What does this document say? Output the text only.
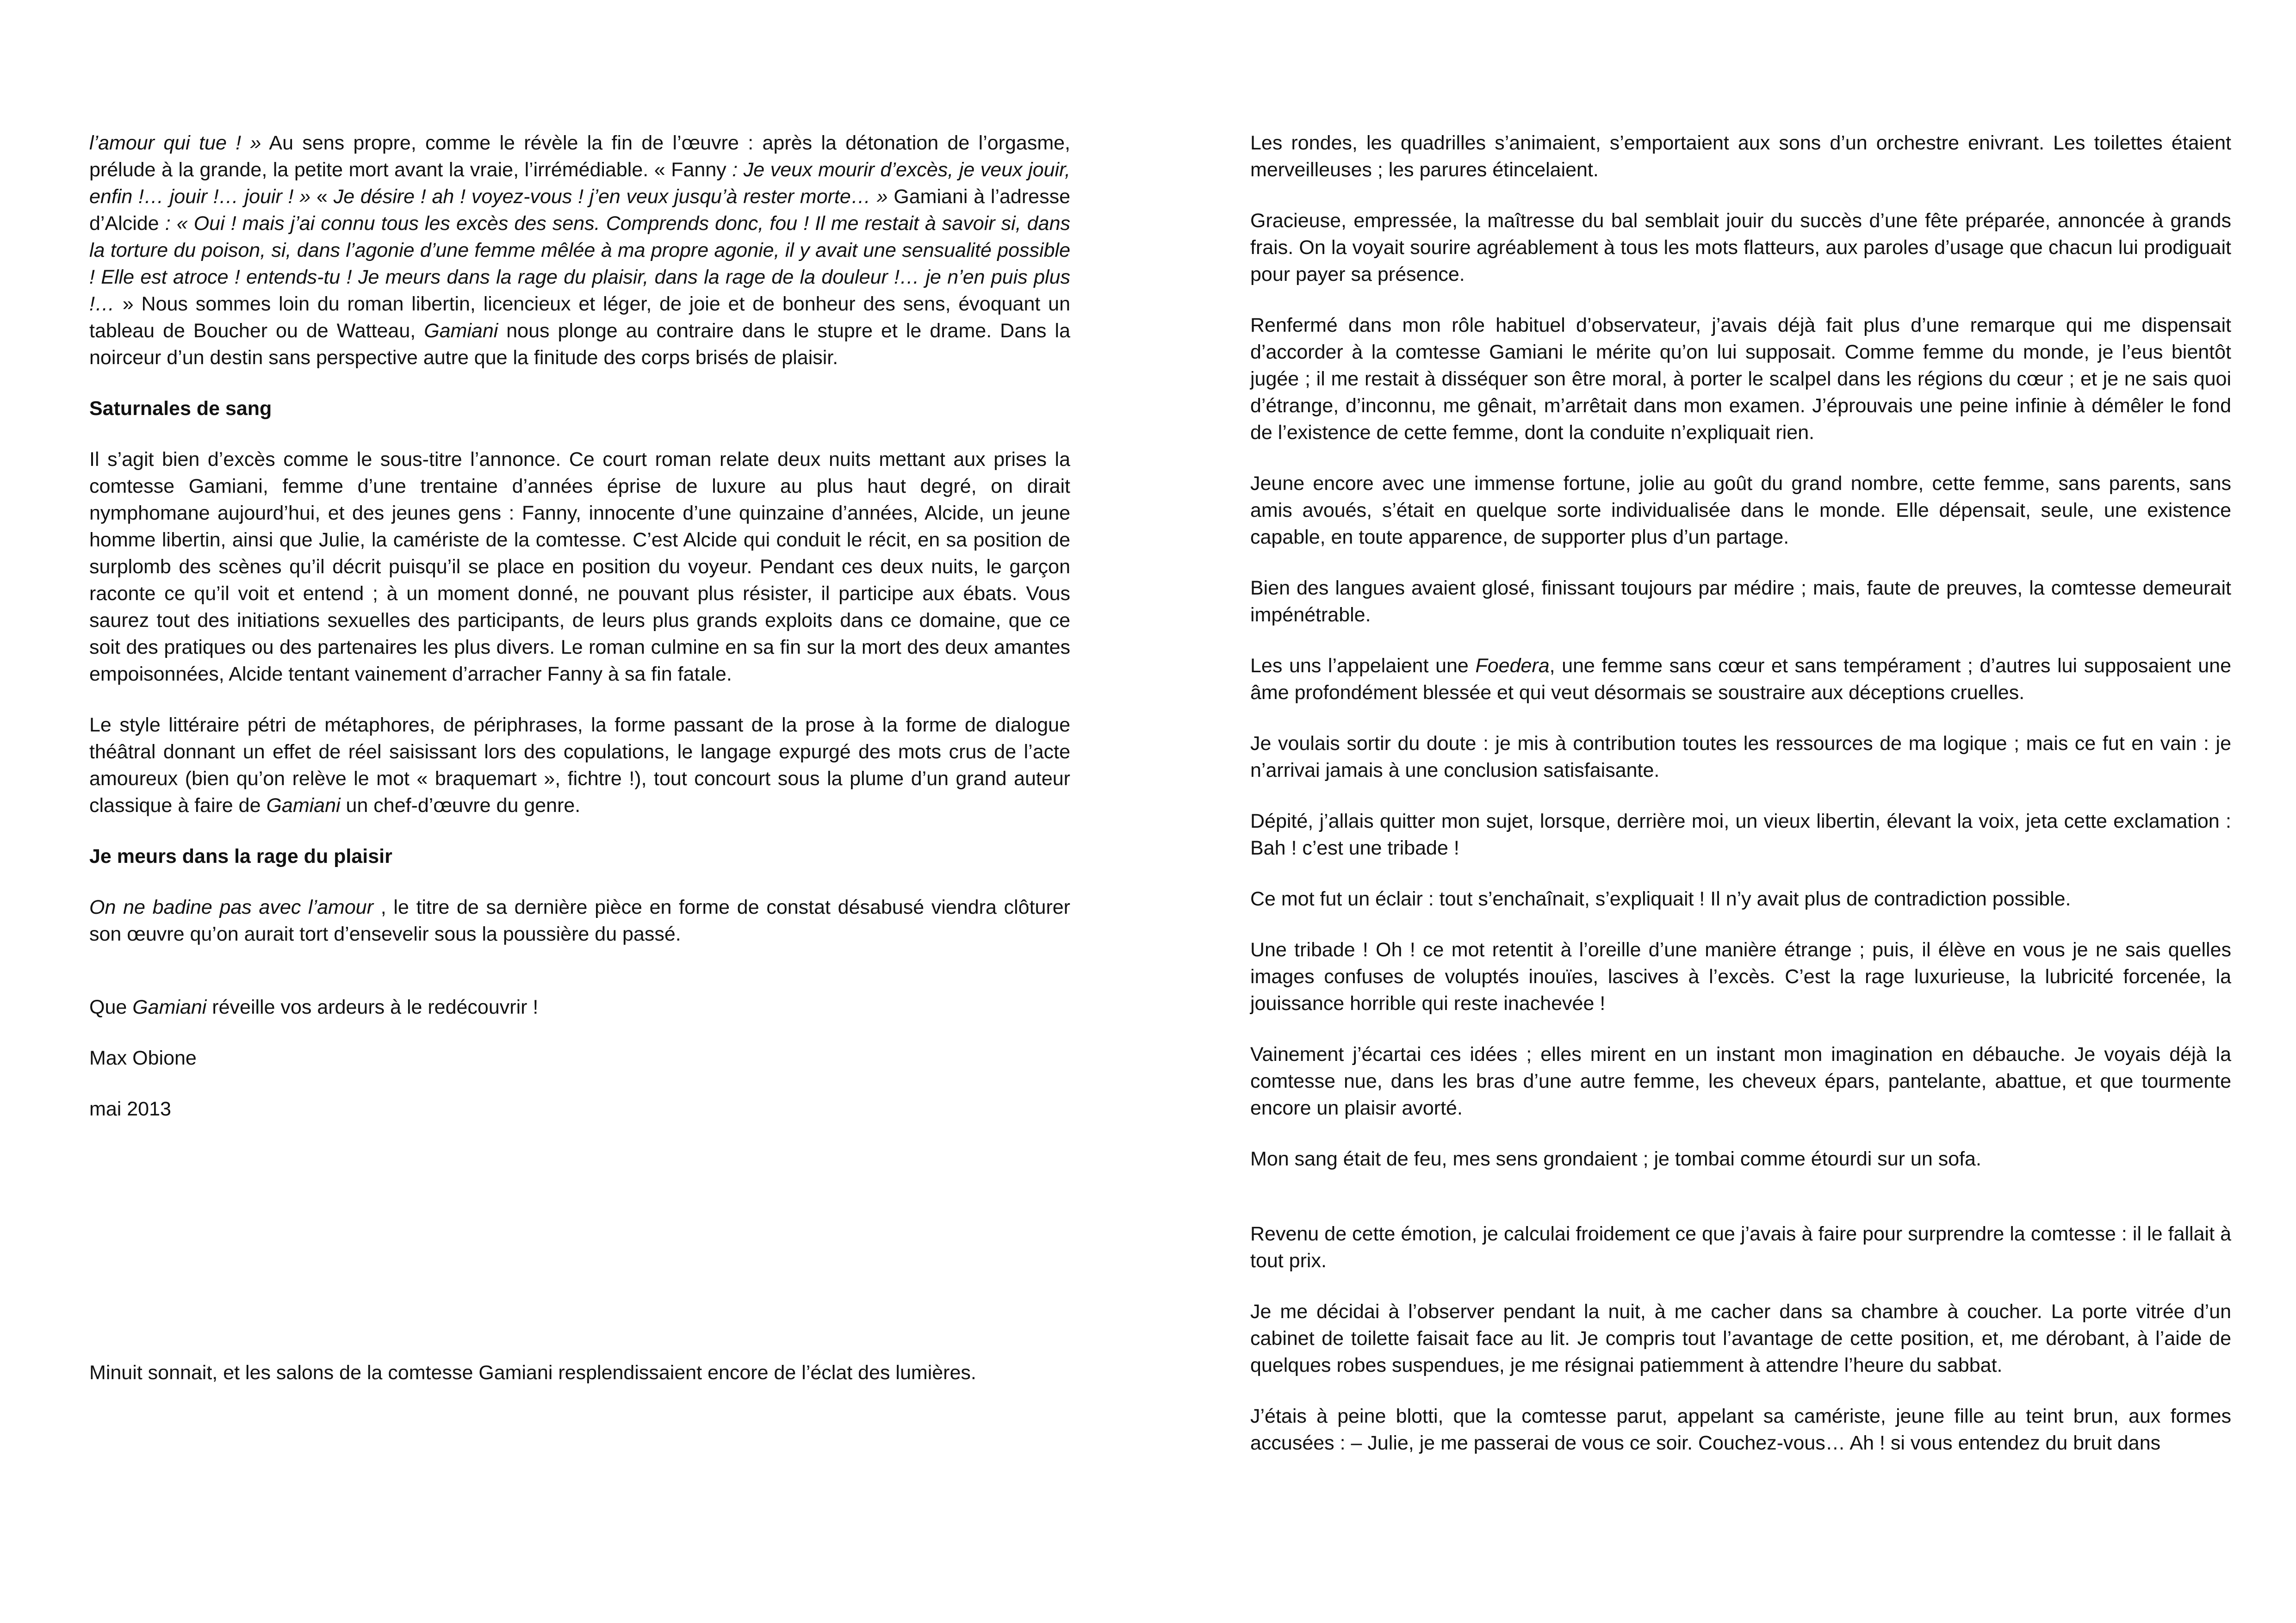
l’amour qui tue ! » Au sens propre, comme le révèle la fin de l’œuvre : après la détonation de l’orgasme, prélude à la grande, la petite mort avant la vraie, l’irrémédiable. « Fanny : Je veux mourir d’excès, je veux jouir, enfin !… jouir !… jouir ! » « Je désire ! ah ! voyez-vous ! j’en veux jusqu’à rester morte… » Gamiani à l’adresse d’Alcide : « Oui ! mais j’ai connu tous les excès des sens. Comprends donc, fou ! Il me restait à savoir si, dans la torture du poison, si, dans l’agonie d’une femme mêlée à ma propre agonie, il y avait une sensualité possible ! Elle est atroce ! entends-tu ! Je meurs dans la rage du plaisir, dans la rage de la douleur !… je n’en puis plus !… » Nous sommes loin du roman libertin, licencieux et léger, de joie et de bonheur des sens, évoquant un tableau de Boucher ou de Watteau, Gamiani nous plonge au contraire dans le stupre et le drame. Dans la noirceur d’un destin sans perspective autre que la finitude des corps brisés de plaisir.

Saturnales de sang

Il s’agit bien d’excès comme le sous-titre l’annonce. Ce court roman relate deux nuits mettant aux prises la comtesse Gamiani, femme d’une trentaine d’années éprise de luxure au plus haut degré, on dirait nymphomane aujourd’hui, et des jeunes gens : Fanny, innocente d’une quinzaine d’années, Alcide, un jeune homme libertin, ainsi que Julie, la camériste de la comtesse. C’est Alcide qui conduit le récit, en sa position de surplomb des scènes qu’il décrit puisqu’il se place en position du voyeur. Pendant ces deux nuits, le garçon raconte ce qu’il voit et entend ; à un moment donné, ne pouvant plus résister, il participe aux ébats. Vous saurez tout des initiations sexuelles des participants, de leurs plus grands exploits dans ce domaine, que ce soit des pratiques ou des partenaires les plus divers. Le roman culmine en sa fin sur la mort des deux amantes empoisonnées, Alcide tentant vainement d’arracher Fanny à sa fin fatale.

Le style littéraire pétri de métaphores, de périphrases, la forme passant de la prose à la forme de dialogue théâtral donnant un effet de réel saisissant lors des copulations, le langage expurgé des mots crus de l’acte amoureux (bien qu’on relève le mot « braquemart », fichtre !), tout concourt sous la plume d’un grand auteur classique à faire de Gamiani un chef-d’œuvre du genre.

Je meurs dans la rage du plaisir

On ne badine pas avec l’amour , le titre de sa dernière pièce en forme de constat désabusé viendra clôturer son œuvre qu’on aurait tort d’ensevelir sous la poussière du passé.

Que Gamiani réveille vos ardeurs à le redécouvrir !

Max Obione

mai 2013

Minuit sonnait, et les salons de la comtesse Gamiani resplendissaient encore de l’éclat des lumières.

Les rondes, les quadrilles s’animaient, s’emportaient aux sons d’un orchestre enivrant. Les toilettes étaient merveilleuses ; les parures étincelaient.

Gracieuse, empressée, la maîtresse du bal semblait jouir du succès d’une fête préparée, annoncée à grands frais. On la voyait sourire agréablement à tous les mots flatteurs, aux paroles d’usage que chacun lui prodiguait pour payer sa présence.

Renfermé dans mon rôle habituel d’observateur, j’avais déjà fait plus d’une remarque qui me dispensait d’accorder à la comtesse Gamiani le mérite qu’on lui supposait. Comme femme du monde, je l’eus bientôt jugée ; il me restait à disséquer son être moral, à porter le scalpel dans les régions du cœur ; et je ne sais quoi d’étrange, d’inconnu, me gênait, m’arrêtait dans mon examen. J’éprouvais une peine infinie à démêler le fond de l’existence de cette femme, dont la conduite n’expliquait rien.

Jeune encore avec une immense fortune, jolie au goût du grand nombre, cette femme, sans parents, sans amis avoués, s’était en quelque sorte individualisée dans le monde. Elle dépensait, seule, une existence capable, en toute apparence, de supporter plus d’un partage.

Bien des langues avaient glosé, finissant toujours par médire ; mais, faute de preuves, la comtesse demeurait impénétrable.

Les uns l’appelaient une Foedera, une femme sans cœur et sans tempérament ; d’autres lui supposaient une âme profondément blessée et qui veut désormais se soustraire aux déceptions cruelles.

Je voulais sortir du doute : je mis à contribution toutes les ressources de ma logique ; mais ce fut en vain : je n’arrivai jamais à une conclusion satisfaisante.

Dépité, j’allais quitter mon sujet, lorsque, derrière moi, un vieux libertin, élevant la voix, jeta cette exclamation : Bah ! c’est une tribade !

Ce mot fut un éclair : tout s’enchaînait, s’expliquait ! Il n’y avait plus de contradiction possible.

Une tribade ! Oh ! ce mot retentit à l’oreille d’une manière étrange ; puis, il élève en vous je ne sais quelles images confuses de voluptés inouïes, lascives à l’excès. C’est la rage luxurieuse, la lubricité forcenée, la jouissance horrible qui reste inachevée !

Vainement j’écartai ces idées ; elles mirent en un instant mon imagination en débauche. Je voyais déjà la comtesse nue, dans les bras d’une autre femme, les cheveux épars, pantelante, abattue, et que tourmente encore un plaisir avorté.

Mon sang était de feu, mes sens grondaient ; je tombai comme étourdi sur un sofa.

Revenu de cette émotion, je calculai froidement ce que j’avais à faire pour surprendre la comtesse : il le fallait à tout prix.

Je me décidai à l’observer pendant la nuit, à me cacher dans sa chambre à coucher. La porte vitrée d’un cabinet de toilette faisait face au lit. Je compris tout l’avantage de cette position, et, me dérobant, à l’aide de quelques robes suspendues, je me résignai patiemment à attendre l’heure du sabbat.

J’étais à peine blotti, que la comtesse parut, appelant sa camériste, jeune fille au teint brun, aux formes accusées : – Julie, je me passerai de vous ce soir. Couchez-vous… Ah ! si vous entendez du bruit dans
